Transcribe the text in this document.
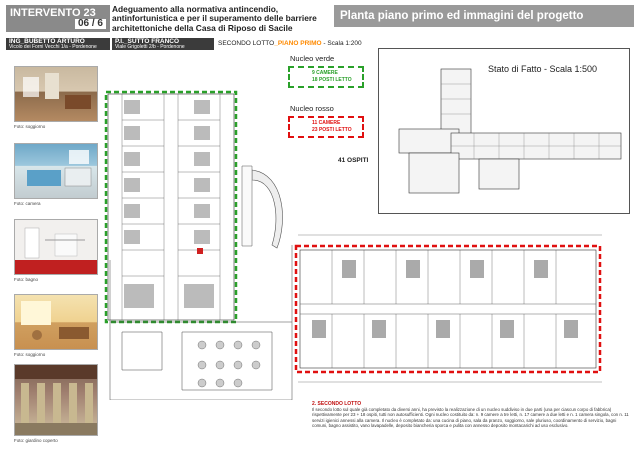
INTERVENTO 23
06 / 6
Adeguamento alla normativa antincendio, antinfortunistica e per il superamento delle barriere architettoniche della Casa di Riposo di Sacile
Planta piano primo ed immagini del progetto
ING_BUBETTO ARTURO
Vicolo dei Forni Vecchi 1/a - Pordenone
P.I._SUTTO FRANCO
Viale Grigoletti 2/b - Pordenone	SECONDO LOTTO_PIANO PRIMO - Scala 1:200
Foto: soggiorno
Foto: camera
Foto: bagno
Foto: soggiorno
Foto: giardino coperto
Stato di Fatto - Scala 1:500
Nucleo verde
9 CAMERE
18 POSTI LETTO
Nucleo rosso
11 CAMERE
23 POSTI LETTO
41 OSPITI
2. SECONDO LOTTO
Il secondo lotto sul quale già completato da diversi anni, ha previsto la realizzazione di un nucleo suddiviso in due parti (una per ciascun corpo di fabbrica) rispettivamente per 23 + 18 ospiti, tutti non autosufficienti. Ogni nucleo costituito da: n. 9 camere a tre letti, n. 17 camere a due letti e n. 1 camera singola, con n. 11 servizi igienici annessi alla camera. Il nucleo è completato da: una cucina di piano, sala da pranzo, soggiorno, sale pluriuso, coordinamento di servizio, bagni comuni, bagno assistito, vano lavapadelle, deposito biancheria sporca e pulita con annesso deposito montacarichi ad uso esclusivo.
